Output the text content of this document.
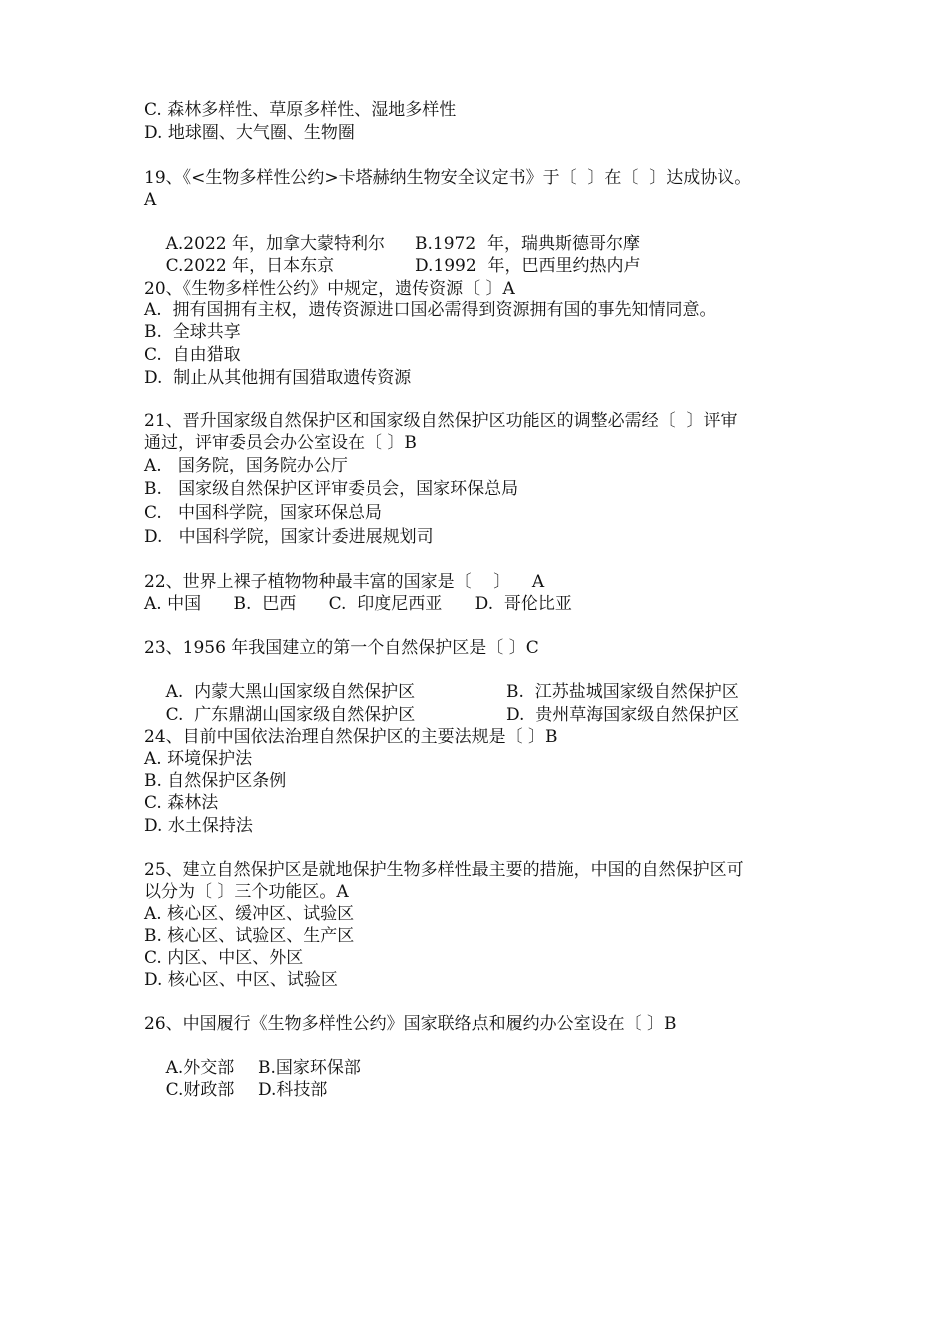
C. 森林多样性、草原多样性、湿地多样性
D. 地球圈、大气圈、生物圈
19、《<生物多样性公约>卡塔赫纳生物安全议定书》于〔  〕在〔  〕达成协议。
A

A.2022 年，加拿大蒙特利尔 B.1972  年，瑞典斯德哥尔摩

C.2022 年，日本东京	D.1992  年，巴西里约热内卢

20、《生物多样性公约》中规定，遗传资源〔 〕A
A.  拥有国拥有主权，遗传资源进口国必需得到资源拥有国的事先知情同意。
B.  全球共享
C.  自由猎取
D.  制止从其他拥有国猎取遗传资源
21、晋升国家级自然保护区和国家级自然保护区功能区的调整必需经〔  〕评审
通过，评审委员会办公室设在〔 〕B
A.   国务院，国务院办公厅
B.   国家级自然保护区评审委员会，国家环保总局
C.   中国科学院，国家环保总局
D.   中国科学院，国家计委进展规划司
22、世界上裸子植物物种最丰富的国家是〔    〕    A
A. 中国      B.  巴西      C.  印度尼西亚      D.  哥伦比亚
23、1956 年我国建立的第一个自然保护区是〔 〕C

A.  内蒙大黑山国家级自然保护区	B.  江苏盐城国家级自然保护区

C.  广东鼎湖山国家级自然保护区	D.  贵州草海国家级自然保护区

24、目前中国依法治理自然保护区的主要法规是〔 〕B
A. 环境保护法
B. 自然保护区条例
C. 森林法
D. 水土保持法
25、建立自然保护区是就地保护生物多样性最主要的措施，中国的自然保护区可
以分为〔 〕三个功能区。A
A. 核心区、缓冲区、试验区
B. 核心区、试验区、生产区
C. 内区、中区、外区
D. 核心区、中区、试验区
26、中国履行《生物多样性公约》国家联络点和履约办公室设在〔 〕B

A.外交部 B.国家环保部

C.财政部 D.科技部
